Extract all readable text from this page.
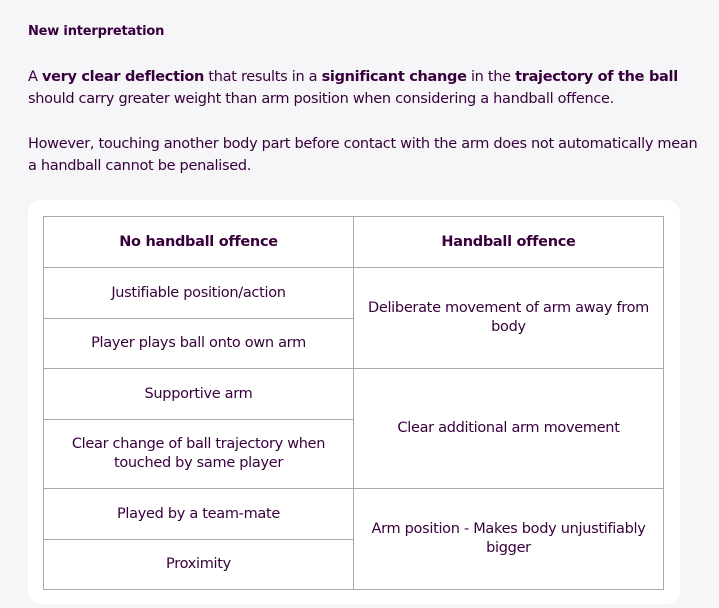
New interpretation
A very clear deflection that results in a significant change in the trajectory of the ball should carry greater weight than arm position when considering a handball offence.
However, touching another body part before contact with the arm does not automatically mean a handball cannot be penalised.
No handball offence	Handball offence
Justifiable position/action	Deliberate movement of arm away from body
Player plays ball onto own arm	
Supportive arm	Clear additional arm movement
Clear change of ball trajectory when touched by same player	
Played by a team-mate	Arm position - Makes body unjustifiably bigger
Proximity	
